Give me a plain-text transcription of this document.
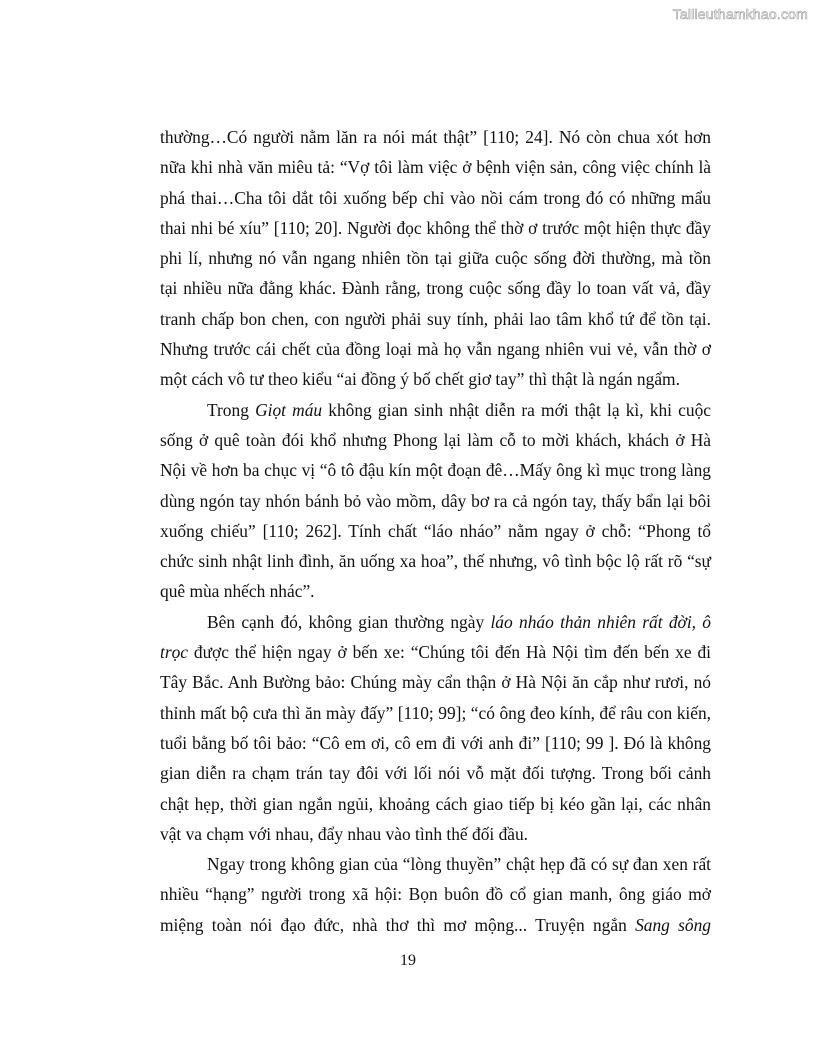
Tailieuthamkhao.com
thường…Có người nằm lăn ra nói mát thật” [110; 24]. Nó còn chua xót hơn
nữa khi nhà văn miêu tả: “Vợ tôi làm việc ở bệnh viện sản, công việc chính là
phá thai…Cha tôi dắt tôi xuống bếp chỉ vào nồi cám trong đó có những mẩu
thai nhi bé xíu” [110; 20]. Người đọc không thể thờ ơ trước một hiện thực đầy
phi lí, nhưng nó vẫn ngang nhiên tồn tại giữa cuộc sống đời thường, mà tồn
tại nhiều nữa đằng khác. Đành rằng, trong cuộc sống đầy lo toan vất vả, đầy
tranh chấp bon chen, con người phải suy tính, phải lao tâm khổ tứ để tồn tại.
Nhưng trước cái chết của đồng loại mà họ vẫn ngang nhiên vui vẻ, vẫn thờ ơ
một cách vô tư theo kiểu “ai đồng ý bố chết giơ tay” thì thật là ngán ngẩm.
Trong Giọt máu không gian sinh nhật diễn ra mới thật lạ kì, khi cuộc
sống ở quê toàn đói khổ nhưng Phong lại làm cỗ to mời khách, khách ở Hà
Nội về hơn ba chục vị “ô tô đậu kín một đoạn đê…Mấy ông kì mục trong làng
dùng ngón tay nhón bánh bỏ vào mồm, dây bơ ra cả ngón tay, thấy bẩn lại bôi
xuống chiếu” [110; 262]. Tính chất “láo nháo” nằm ngay ở chỗ: “Phong tổ
chức sinh nhật linh đình, ăn uống xa hoa”, thế nhưng, vô tình bộc lộ rất rõ “sự
quê mùa nhếch nhác”.
Bên cạnh đó, không gian thường ngày láo nháo thản nhiên rất đời, ô
trọc được thể hiện ngay ở bến xe: “Chúng tôi đến Hà Nội tìm đến bến xe đi
Tây Bắc. Anh Bường bảo: Chúng mày cẩn thận ở Hà Nội ăn cắp như rươi, nó
thỉnh mất bộ cưa thì ăn mày đấy” [110; 99]; “có ông đeo kính, để râu con kiến,
tuổi bằng bố tôi bảo: “Cô em ơi, cô em đi với anh đi” [110; 99 ]. Đó là không
gian diễn ra chạm trán tay đôi với lối nói vỗ mặt đối tượng. Trong bối cảnh
chật hẹp, thời gian ngắn ngủi, khoảng cách giao tiếp bị kéo gần lại, các nhân
vật va chạm với nhau, đẩy nhau vào tình thế đối đầu.
Ngay trong không gian của “lòng thuyền” chật hẹp đã có sự đan xen rất
nhiều “hạng” người trong xã hội: Bọn buôn đồ cổ gian manh, ông giáo mở
miệng toàn nói đạo đức, nhà thơ thì mơ mộng... Truyện ngắn Sang sông
19
